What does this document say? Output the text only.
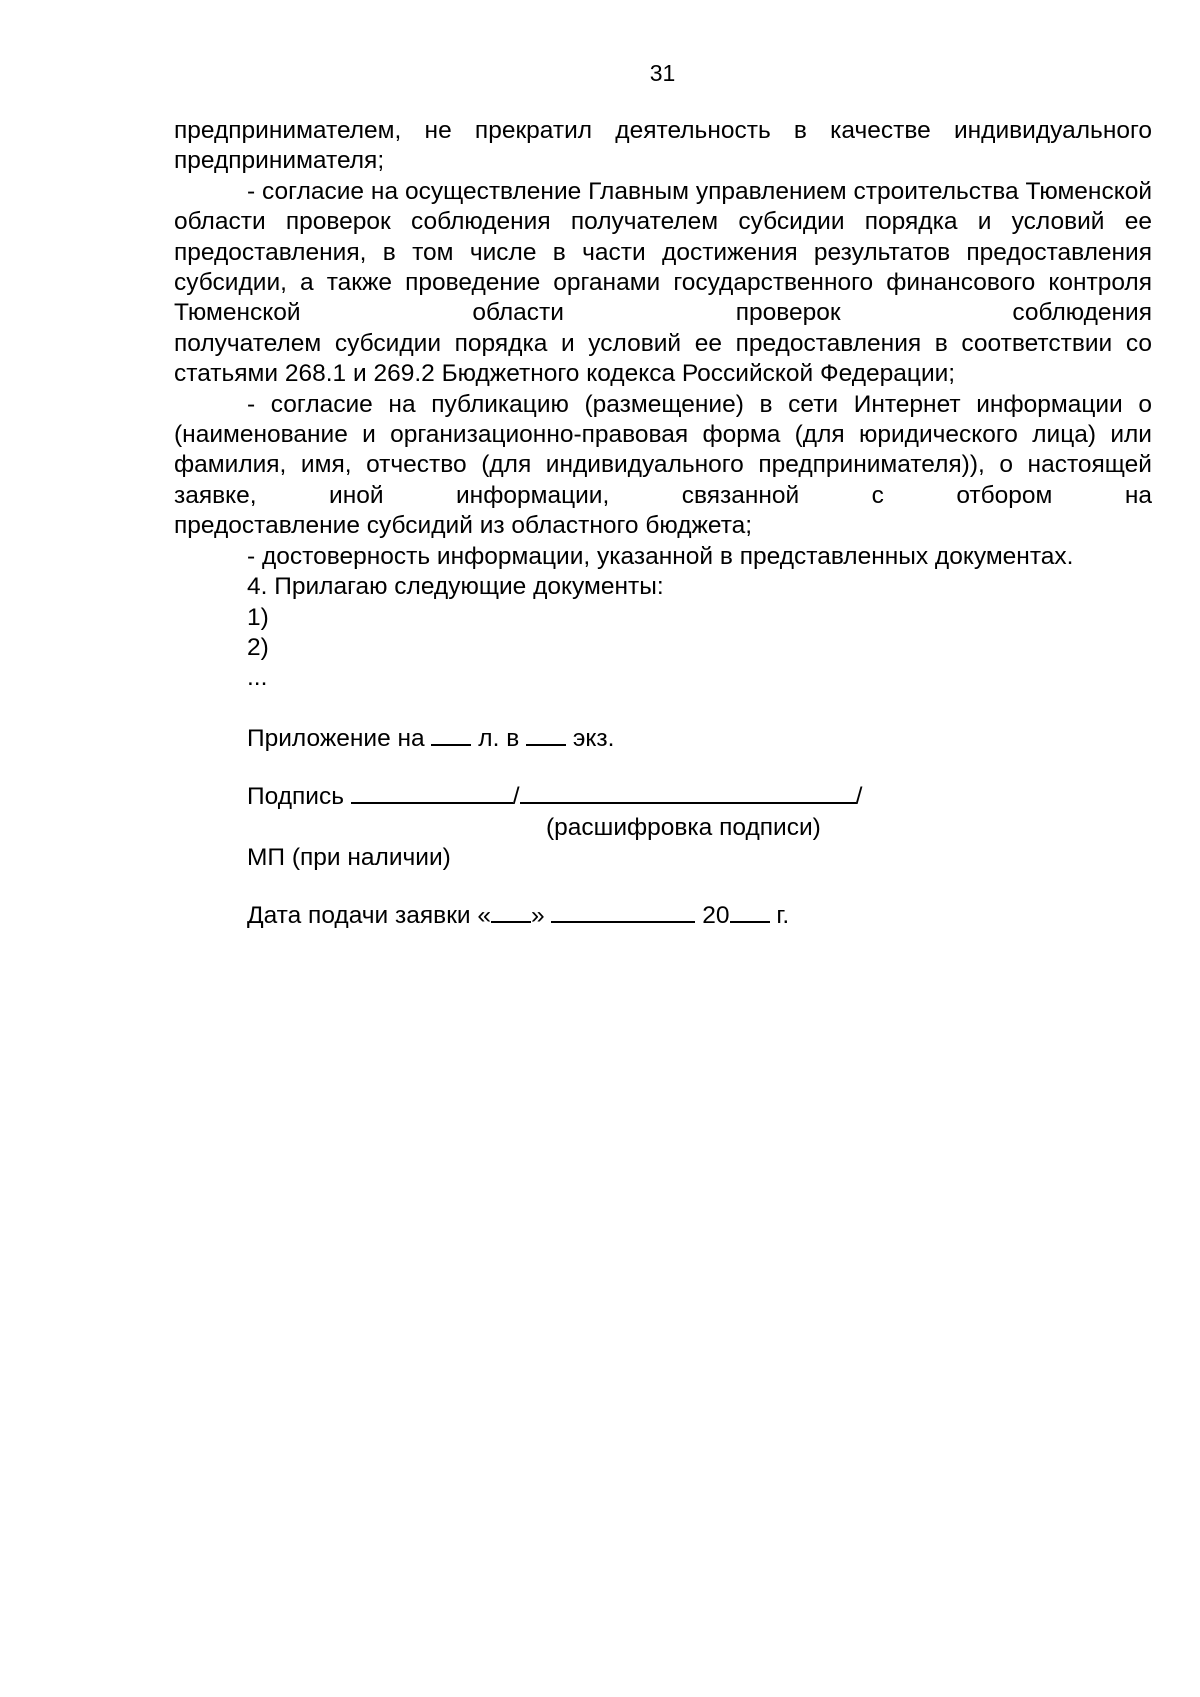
31

предпринимателем, не прекратил деятельность в качестве индивидуального

предпринимателя;

- согласие на осуществление Главным управлением строительства Тюменской области проверок соблюдения получателем субсидии порядка и условий ее предоставления, в том числе в части достижения результатов предоставления субсидии, а также проведение органами государственного финансового контроля Тюменской области проверок соблюдения

получателем субсидии порядка и условий ее предоставления в соответствии со статьями 268.1 и 269.2 Бюджетного кодекса Российской Федерации;

- согласие на публикацию (размещение) в сети Интернет информации о (наименование и организационно-правовая форма (для юридического лица) или фамилия, имя, отчество (для индивидуального предпринимателя)), о настоящей заявке, иной информации, связанной с отбором на

предоставление субсидий из областного бюджета;

- достоверность информации, указанной в представленных документах.

4. Прилагаю следующие документы:

1)

2)

...

Приложение на л. в экз.

Подпись	/	/

(расшифровка подписи)

МП (при наличии)

Дата подачи заявки « »	20 г.
